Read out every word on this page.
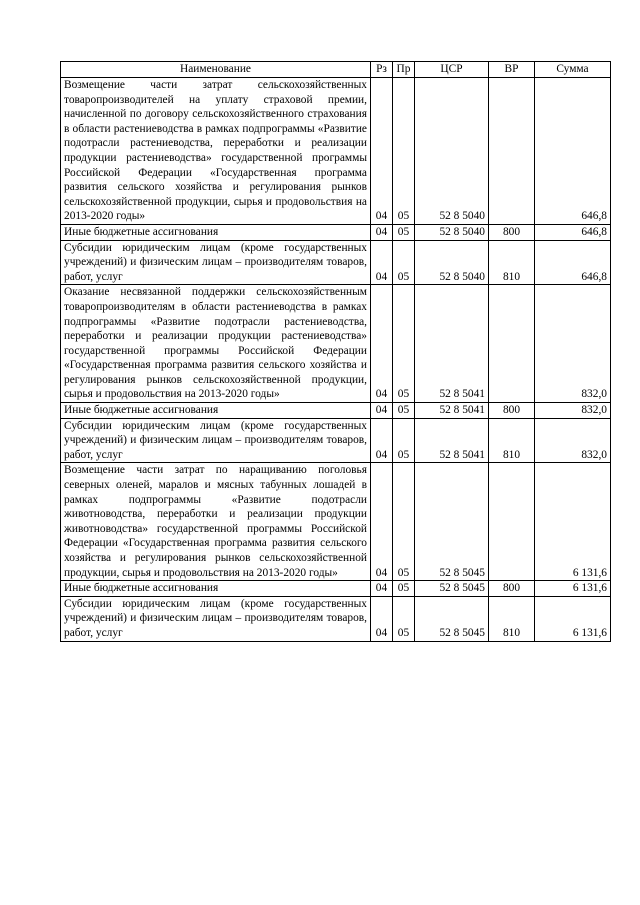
Наименование	Рз	Пр	ЦСР	ВР	Сумма
Возмещение части затрат сельскохозяйственных товаропроизводителей на уплату страховой премии, начисленной по договору сельскохозяйственного страхования в области растениеводства в рамках подпрограммы «Развитие подотрасли растениеводства, переработки и реализации продукции растениеводства» государственной программы Российской Федерации «Государственная программа развития сельского хозяйства и регулирования рынков сельскохозяйственной продукции, сырья и продовольствия на 2013-2020 годы»	04	05	52 8 5040		646,8
Иные бюджетные ассигнования	04	05	52 8 5040	800	646,8
Субсидии юридическим лицам (кроме государственных учреждений) и физическим лицам – производителям товаров, работ, услуг	04	05	52 8 5040	810	646,8
Оказание несвязанной поддержки сельскохозяйственным товаропроизводителям в области растениеводства в рамках подпрограммы «Развитие подотрасли растениеводства, переработки и реализации продукции растениеводства» государственной программы Российской Федерации «Государственная программа развития сельского хозяйства и регулирования рынков сельскохозяйственной продукции, сырья и продовольствия на 2013-2020 годы»	04	05	52 8 5041		832,0
Иные бюджетные ассигнования	04	05	52 8 5041	800	832,0
Субсидии юридическим лицам (кроме государственных учреждений) и физическим лицам – производителям товаров, работ, услуг	04	05	52 8 5041	810	832,0
Возмещение части затрат по наращиванию поголовья северных оленей, маралов и мясных табунных лошадей в рамках подпрограммы «Развитие подотрасли животноводства, переработки и реализации продукции животноводства» государственной программы Российской Федерации «Государственная программа развития сельского хозяйства и регулирования рынков сельскохозяйственной продукции, сырья и продовольствия на 2013-2020 годы»	04	05	52 8 5045		6 131,6
Иные бюджетные ассигнования	04	05	52 8 5045	800	6 131,6
Субсидии юридическим лицам (кроме государственных учреждений) и физическим лицам – производителям товаров, работ, услуг	04	05	52 8 5045	810	6 131,6
